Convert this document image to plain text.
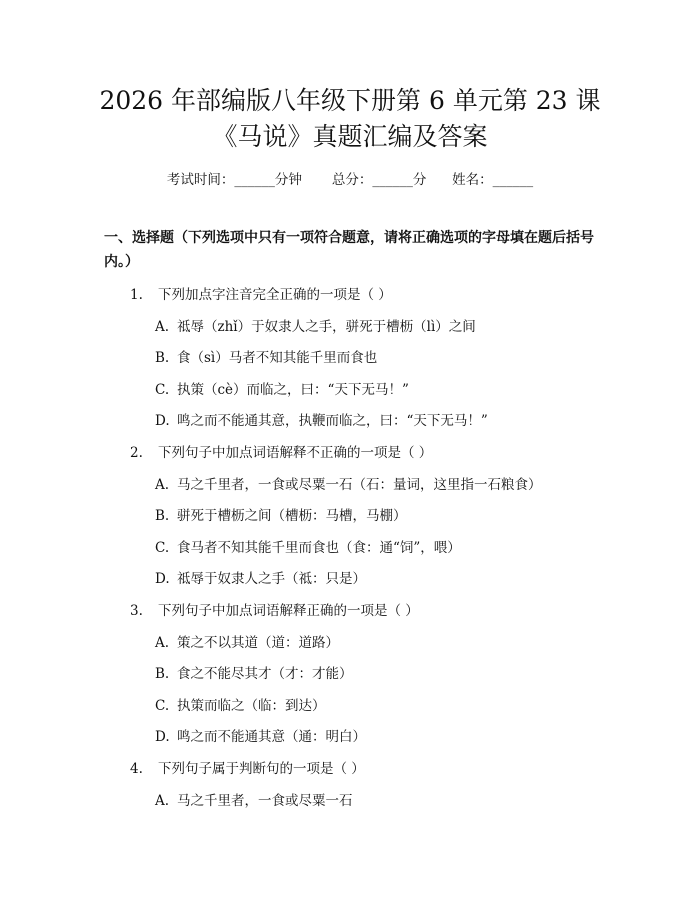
2026 年部编版八年级下册第 6 单元第 23 课
《马说》真题汇编及答案
考试时间：______分钟 总分：______分 姓名：______
一、选择题（下列选项中只有一项符合题意，请将正确选项的字母填在题后括号内。）
1. 下列加点字注音完全正确的一项是（ ）
A. 祗辱（zhǐ）于奴隶人之手，骈死于槽枥（lì）之间
B. 食（sì）马者不知其能千里而食也
C. 执策（cè）而临之，曰：“天下无马！”
D. 鸣之而不能通其意，执鞭而临之，曰：“天下无马！”
2. 下列句子中加点词语解释不正确的一项是（ ）
A. 马之千里者，一食或尽粟一石（石：量词，这里指一石粮食）
B. 骈死于槽枥之间（槽枥：马槽，马棚）
C. 食马者不知其能千里而食也（食：通“饲”，喂）
D. 祗辱于奴隶人之手（祗：只是）
3. 下列句子中加点词语解释正确的一项是（ ）
A. 策之不以其道（道：道路）
B. 食之不能尽其才（才：才能）
C. 执策而临之（临：到达）
D. 鸣之而不能通其意（通：明白）
4. 下列句子属于判断句的一项是（ ）
A. 马之千里者，一食或尽粟一石
